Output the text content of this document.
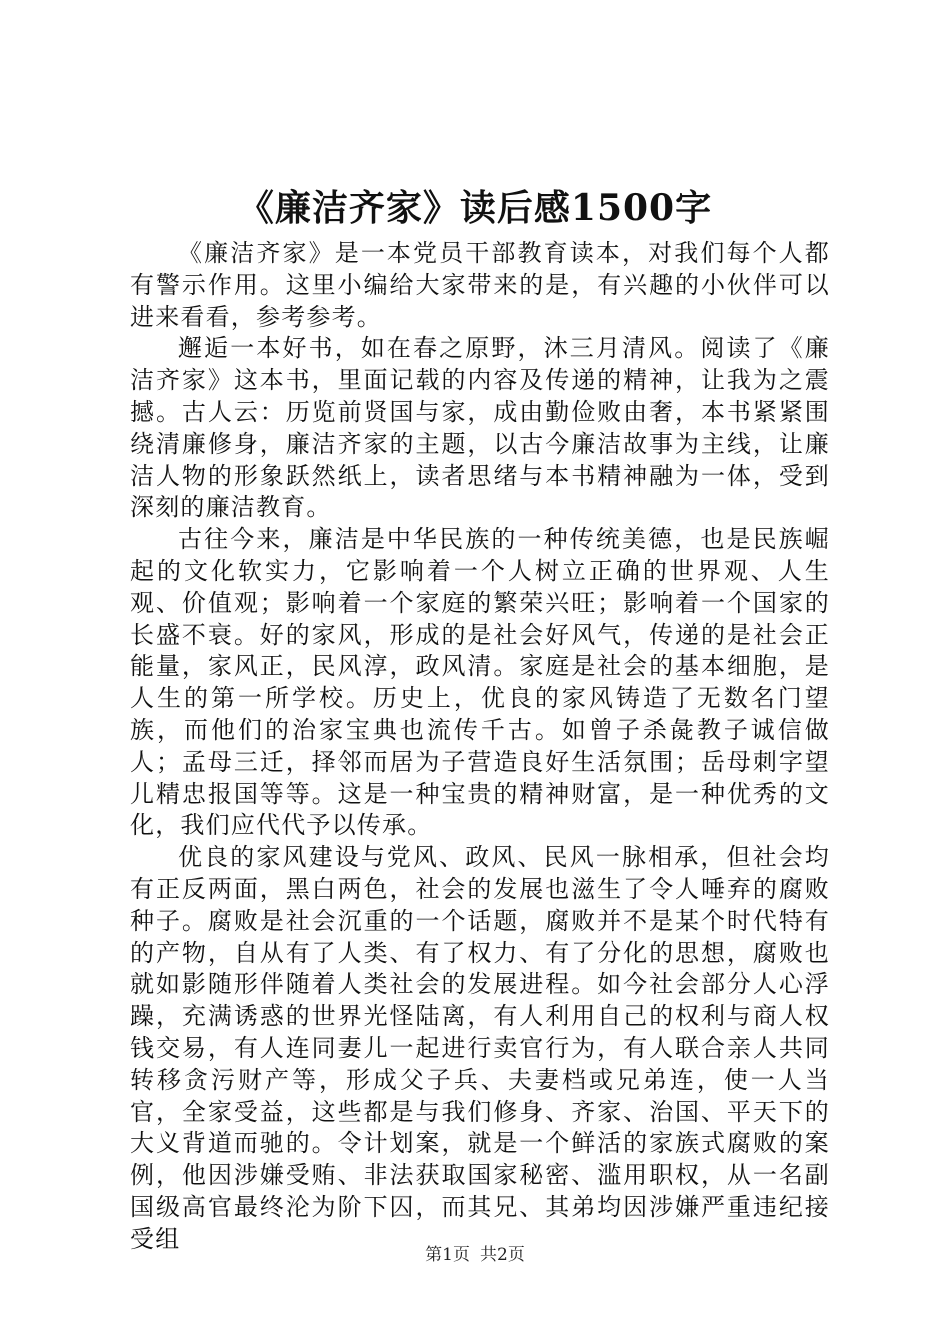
《廉洁齐家》读后感1500字

《廉洁齐家》是一本党员干部教育读本，对我们每个人都有警示作用。这里小编给大家带来的是，有兴趣的小伙伴可以进来看看，参考参考。

邂逅一本好书，如在春之原野，沐三月清风。阅读了《廉洁齐家》这本书，里面记载的内容及传递的精神，让我为之震撼。古人云：历览前贤国与家，成由勤俭败由奢，本书紧紧围绕清廉修身，廉洁齐家的主题，以古今廉洁故事为主线，让廉洁人物的形象跃然纸上，读者思绪与本书精神融为一体，受到深刻的廉洁教育。

古往今来，廉洁是中华民族的一种传统美德，也是民族崛起的文化软实力，它影响着一个人树立正确的世界观、人生观、价值观；影响着一个家庭的繁荣兴旺；影响着一个国家的长盛不衰。好的家风，形成的是社会好风气，传递的是社会正能量，家风正，民风淳，政风清。家庭是社会的基本细胞，是人生的第一所学校。历史上，优良的家风铸造了无数名门望族，而他们的治家宝典也流传千古。如曾子杀彘教子诚信做人；孟母三迁，择邻而居为子营造良好生活氛围；岳母刺字望儿精忠报国等等。这是一种宝贵的精神财富，是一种优秀的文化，我们应代代予以传承。

优良的家风建设与党风、政风、民风一脉相承，但社会均有正反两面，黑白两色，社会的发展也滋生了令人唾弃的腐败种子。腐败是社会沉重的一个话题，腐败并不是某个时代特有的产物，自从有了人类、有了权力、有了分化的思想，腐败也就如影随形伴随着人类社会的发展进程。如今社会部分人心浮躁，充满诱惑的世界光怪陆离，有人利用自己的权利与商人权钱交易，有人连同妻儿一起进行卖官行为，有人联合亲人共同转移贪污财产等，形成父子兵、夫妻档或兄弟连，使一人当官，全家受益，这些都是与我们修身、齐家、治国、平天下的大义背道而驰的。令计划案，就是一个鲜活的家族式腐败的案例，他因涉嫌受贿、非法获取国家秘密、滥用职权，从一名副国级高官最终沦为阶下囚，而其兄、其弟均因涉嫌严重违纪接受组

第1页 共2页
